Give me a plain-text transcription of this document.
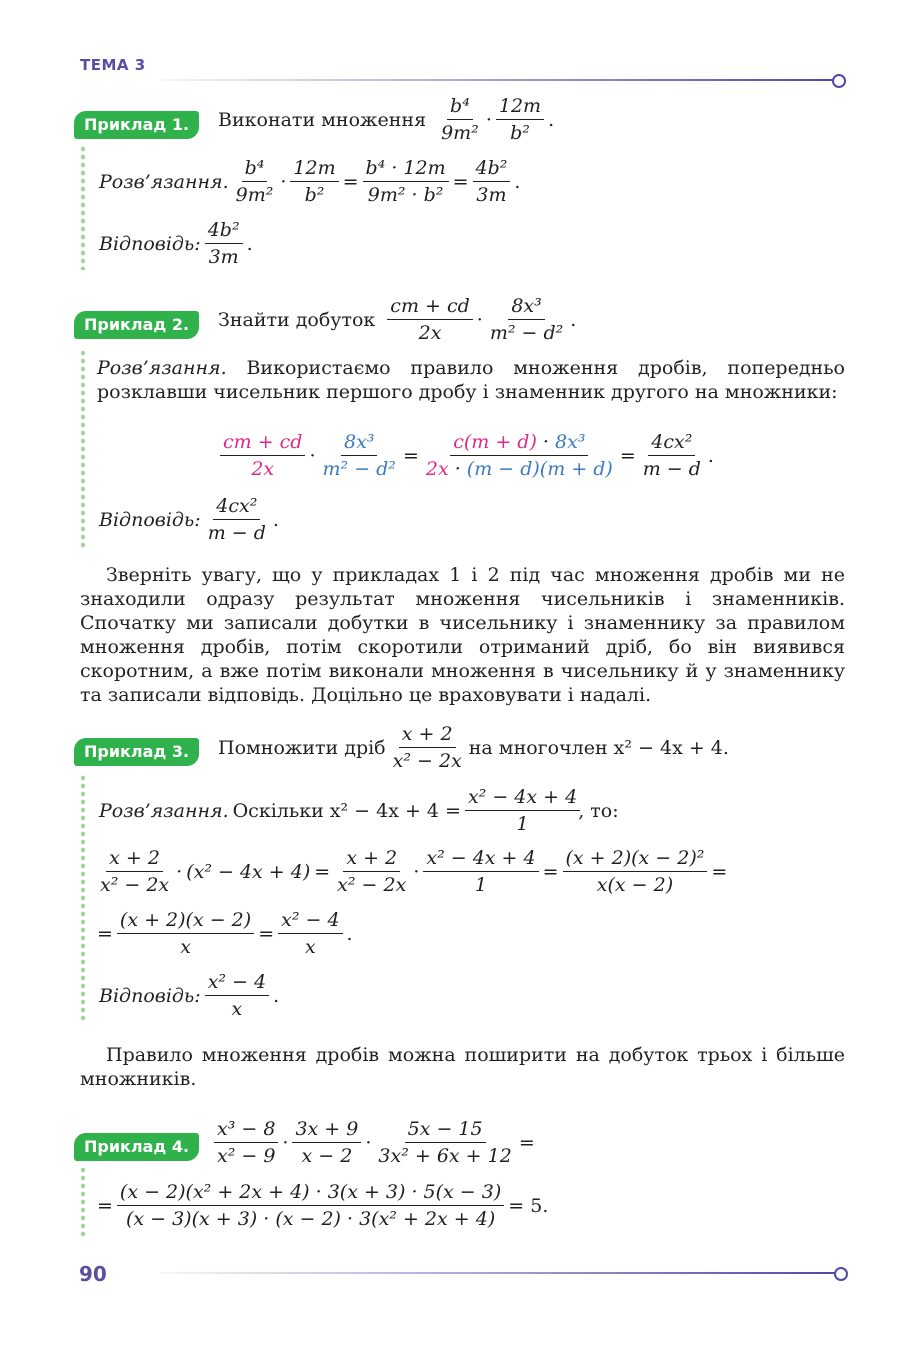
ТЕМА 3
Приклад 1.	Виконати множення $\frac{\text{b⁴}}{\text{9m²}} \cdot \frac{12m}{\text{b²}}$ .
Розв’язання. $\frac{\text{b⁴}}{\text{9m²}} \cdot \frac{12m}{\text{b²}} = \frac{\text{b⁴ · 12m}}{\text{9m² · b²}} = \frac{\text{4b²}}{3m}$ .
Відповідь: $\frac{\text{4b²}}{3m}$ .
Приклад 2.	Знайти добуток $\frac{cm + cd}{2x} \cdot \frac{\text{8x³}}{\text{m² − d²}}$ .
Розв’язання. Використаємо правило множення дробів, попередньо розклавши чисельник першого дробу і знаменник другого на множники:
$\frac{cm + cd}{2x} \cdot \frac{\text{8x³}}{\text{m² − d²}} = \frac{\text{c(m + d) · 8x³}}{2x \cdot (m - d)(m + d)} = \frac{\text{4cx²}}{m - d}$ .
Відповідь: $\frac{\text{4cx²}}{m - d}$ .
Зверніть увагу, що у прикладах 1 і 2 під час множення дробів ми не знаходили одразу результат множення чисельників і знаменників. Спочатку ми записали добутки в чисельнику і знаменнику за правилом множення дробів, потім скоротили отриманий дріб, бо він виявився скоротним, а вже потім виконали множення в чисельнику й у знаменнику та записали відповідь. Доцільно це враховувати і надалі.
Приклад 3.	Помножити дріб $\frac{x + 2}{\text{x² − 2x}}$ на многочлен x² − 4x + 4.
Розв’язання. Оскільки $x^2 - 4x + 4 = \frac{\text{x² − 4x + 4}}{1}$
, то:
$\frac{x + 2}{\text{x² − 2x}} \cdot (x^2 - 4x + 4) = \frac{x + 2}{\text{x² − 2x}} \cdot \frac{\text{x² − 4x + 4}}{1} = \frac{\text{(x + 2)(x − 2)²}}{x(x - 2)}$ =
= $\frac{(x + 2)(x - 2)}{x} = \frac{\text{x² − 4}}{x}$ .
Відповідь: $\frac{\text{x² − 4}}{x}$ .
Правило множення дробів можна поширити на добуток трьох і більше множників.
Приклад 4.	$\frac{\text{x³ − 8}}{\text{x² − 9}} \cdot \frac{3x + 9}{x - 2} \cdot \frac{5x - 15}{\text{3x² + 6x + 12}}$ =
= $\frac{\text{(x − 2)(x² + 2x + 4) · 3(x + 3) · 5(x − 3)}}{\text{(x − 3)(x + 3) · (x − 2) · 3(x² + 2x + 4)}} = 5$.
90
